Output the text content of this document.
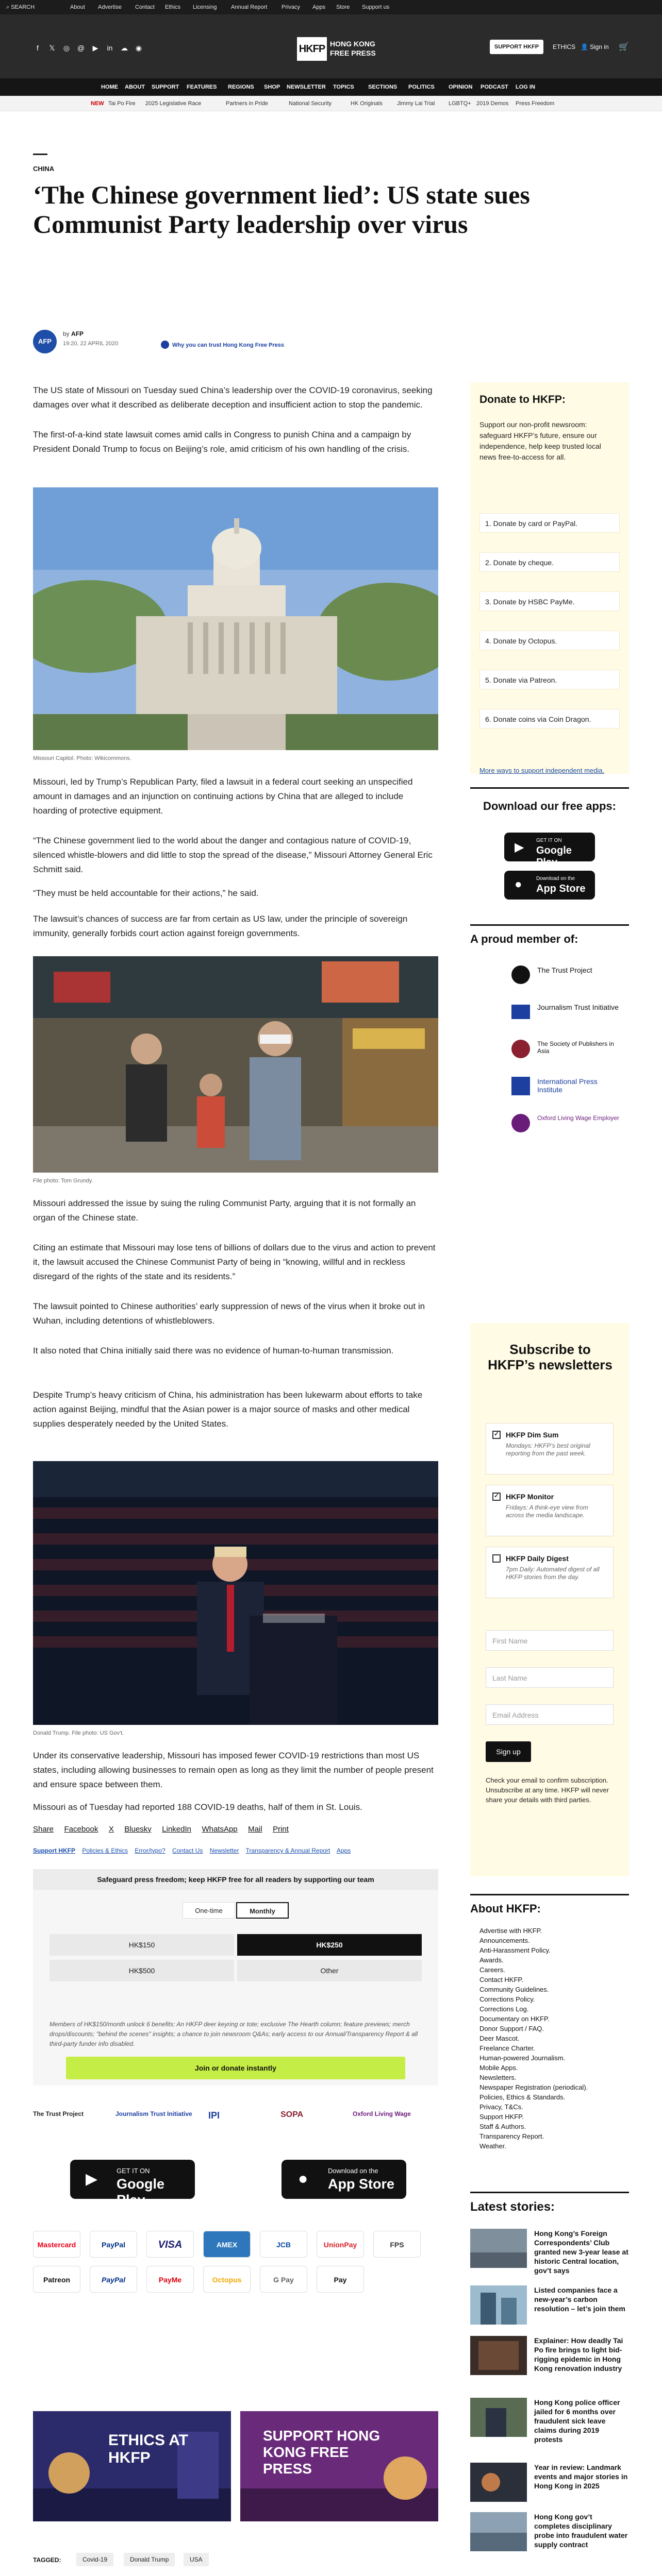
⌕ SEARCH	About Advertise Contact Ethics Licensing	Annual Report	Privacy Apps Store Support us
f	𝕏 ◎ @ ▶ in ☁ ◉	HKFP HONG KONG FREE PRESS
SUPPORT HKFP	ETHICS 👤 Sign in 🛒
HOME ABOUT SUPPORT FEATURES REGIONS SHOP NEWSLETTER TOPICS SECTIONS POLITICS OPINION PODCAST LOG IN
NEW Tai Po Fire 2025 Legislative Race	Partners in Pride	National Security	HK Originals	Jimmy Lai Trial LGBTQ+ 2019 Demos Press Freedom
CHINA
‘The Chinese government lied’: US state sues Communist Party leadership over virus
AFP
by AFP
19:20, 22 APRIL 2020	Why you can trust Hong Kong Free Press

The US state of Missouri on Tuesday sued China’s leadership over the COVID-19 coronavirus, seeking damages over what it described as deliberate deception and insufficient action to stop the pandemic.

The first-of-a-kind state lawsuit comes amid calls in Congress to punish China and a campaign by President Donald Trump to focus on Beijing’s role, amid criticism of his own handling of the crisis.

Missouri Capitol. Photo: Wikicommons.

Missouri, led by Trump’s Republican Party, filed a lawsuit in a federal court seeking an unspecified amount in damages and an injunction on continuing actions by China that are alleged to include hoarding of protective equipment.

“The Chinese government lied to the world about the danger and contagious nature of COVID-19, silenced whistle-blowers and did little to stop the spread of the disease,” Missouri Attorney General Eric Schmitt said.

“They must be held accountable for their actions,” he said.

The lawsuit’s chances of success are far from certain as US law, under the principle of sovereign immunity, generally forbids court action against foreign governments.

File photo: Tom Grundy.

Missouri addressed the issue by suing the ruling Communist Party, arguing that it is not formally an organ of the Chinese state.

Citing an estimate that Missouri may lose tens of billions of dollars due to the virus and action to prevent it, the lawsuit accused the Chinese Communist Party of being in “knowing, willful and in reckless disregard of the rights of the state and its residents.”

The lawsuit pointed to Chinese authorities’ early suppression of news of the virus when it broke out in Wuhan, including detentions of whistleblowers.

It also noted that China initially said there was no evidence of human-to-human transmission.

Despite Trump’s heavy criticism of China, his administration has been lukewarm about efforts to take action against Beijing, mindful that the Asian power is a major source of masks and other medical supplies desperately needed by the United States.

Donald Trump. File photo: US Gov't.

Under its conservative leadership, Missouri has imposed fewer COVID-19 restrictions than most US states, including allowing businesses to remain open as long as they limit the number of people present and ensure space between them.

Missouri as of Tuesday had reported 188 COVID-19 deaths, half of them in St. Louis.

Share Facebook X Bluesky LinkedIn WhatsApp Mail Print
Support HKFP Policies & Ethics Error/typo? Contact Us Newsletter Transparency & Annual Report Apps
Safeguard press freedom; keep HKFP free for all readers by supporting our team
One-time	Monthly
HK$150	HK$250
HK$500	Other
Members of HK$150/month unlock 6 benefits: An HKFP deer keyring or tote; exclusive The Hearth column; feature previews; merch drops/discounts; "behind the scenes" insights; a chance to join newsroom Q&As; early access to our Annual/Transparency Report & all third-party funder info disabled.
Join or donate instantly
The Trust Project	Journalism Trust Initiative IPI	SOPA	Oxford Living Wage
▶	GET IT ON
Google Play
●	Download on the
App Store
Mastercard	PayPal	VISA	AMEX	JCB	UnionPay	FPS
Patreon	PayPal	PayMe	Octopus	G Pay	Pay
ETHICS AT HKFP
SUPPORT HONG KONG FREE PRESS
TAGGED:	Covid-19	Donald Trump	USA
Donate to HKFP:
Support our non-profit newsroom: safeguard HKFP’s future, ensure our independence, help keep trusted local news free-to-access for all.
1. Donate by card or PayPal.
2. Donate by cheque.
3. Donate by HSBC PayMe.
4. Donate by Octopus.
5. Donate via Patreon.
6. Donate coins via Coin Dragon.
More ways to support independent media.
Download our free apps:
▶ GET IT ON
Google Play
●	Download on the
App Store
A proud member of:
The Trust Project
Journalism Trust Initiative
The Society of Publishers in Asia
International Press Institute
Oxford Living Wage Employer
Subscribe to HKFP’s newsletters
✓
HKFP Dim Sum
Mondays: HKFP’s best original reporting from the past week.
✓
HKFP Monitor
Fridays: A think-eye view from across the media landscape.
HKFP Daily Digest
7pm Daily: Automated digest of all HKFP stories from the day.
First Name
Last Name
Email Address
Sign up
Check your email to confirm subscription. Unsubscribe at any time. HKFP will never share your details with third parties.
About HKFP:
Advertise with HKFP.
Announcements.
Anti-Harassment Policy.
Awards.
Careers.
Contact HKFP.
Community Guidelines.
Corrections Policy.
Corrections Log.
Documentary on HKFP.
Donor Support / FAQ.
Deer Mascot.
Freelance Charter.
Human-powered Journalism.
Mobile Apps.
Newsletters.
Newspaper Registration (periodical).
Policies, Ethics & Standards.
Privacy, T&Cs.
Support HKFP.
Staff & Authors.
Transparency Report.
Weather.
Latest stories:
Hong Kong’s Foreign Correspondents’ Club granted new 3-year lease at historic Central location, gov’t says
Listed companies face a new-year’s carbon resolution – let’s join them
Explainer: How deadly Tai Po fire brings to light bid-rigging epidemic in Hong Kong renovation industry
Hong Kong police officer jailed for 6 months over fraudulent sick leave claims during 2019 protests
Year in review: Landmark events and major stories in Hong Kong in 2025
Hong Kong gov’t completes disciplinary probe into fraudulent water supply contract
